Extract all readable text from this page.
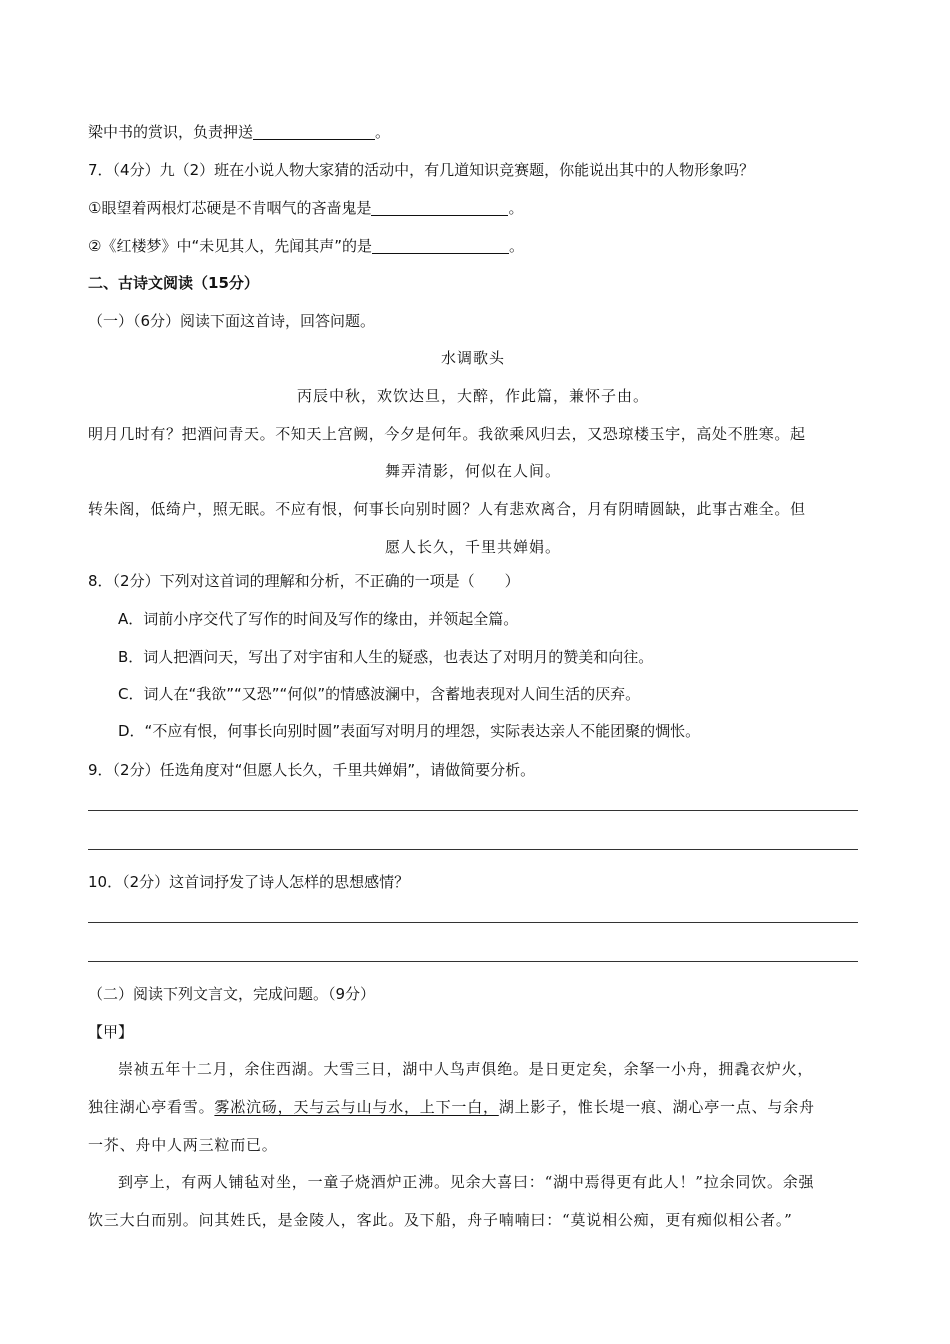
梁中书的赏识，负责押送	。
7．（4分）九（2）班在小说人物大家猜的活动中，有几道知识竞赛题，你能说出其中的人物形象吗？
①眼望着两根灯芯硬是不肯咽气的吝啬鬼是	。
②《红楼梦》中“未见其人，先闻其声”的是	。
二、古诗文阅读（15分）
（一）（6分）阅读下面这首诗，回答问题。
水调歌头
丙辰中秋，欢饮达旦，大醉，作此篇，兼怀子由。
明月几时有？把酒问青天。不知天上宫阙，今夕是何年。我欲乘风归去，又恐琼楼玉宇，高处不胜寒。起
舞弄清影，何似在人间。
转朱阁，低绮户，照无眠。不应有恨，何事长向别时圆？人有悲欢离合，月有阴晴圆缺，此事古难全。但
愿人长久，千里共婵娟。
8．（2分）下列对这首词的理解和分析，不正确的一项是（　　）
A．词前小序交代了写作的时间及写作的缘由，并领起全篇。
B．词人把酒问天，写出了对宇宙和人生的疑惑，也表达了对明月的赞美和向往。
C．词人在“我欲”“又恐”“何似”的情感波澜中，含蓄地表现对人间生活的厌弃。
D．“不应有恨，何事长向别时圆”表面写对明月的埋怨，实际表达亲人不能团聚的惆怅。
9．（2分）任选角度对“但愿人长久，千里共婵娟”，请做简要分析。
10．（2分）这首词抒发了诗人怎样的思想感情？
（二）阅读下列文言文，完成问题。（9分）
【甲】
崇祯五年十二月，余住西湖。大雪三日，湖中人鸟声俱绝。是日更定矣，余拏一小舟，拥毳衣炉火，
独往湖心亭看雪。雾凇沆砀，天与云与山与水，上下一白，湖上影子，惟长堤一痕、湖心亭一点、与余舟
一芥、舟中人两三粒而已。
到亭上，有两人铺毡对坐，一童子烧酒炉正沸。见余大喜曰：“湖中焉得更有此人！”拉余同饮。余强
饮三大白而别。问其姓氏，是金陵人，客此。及下船，舟子喃喃曰：“莫说相公痴，更有痴似相公者。”
